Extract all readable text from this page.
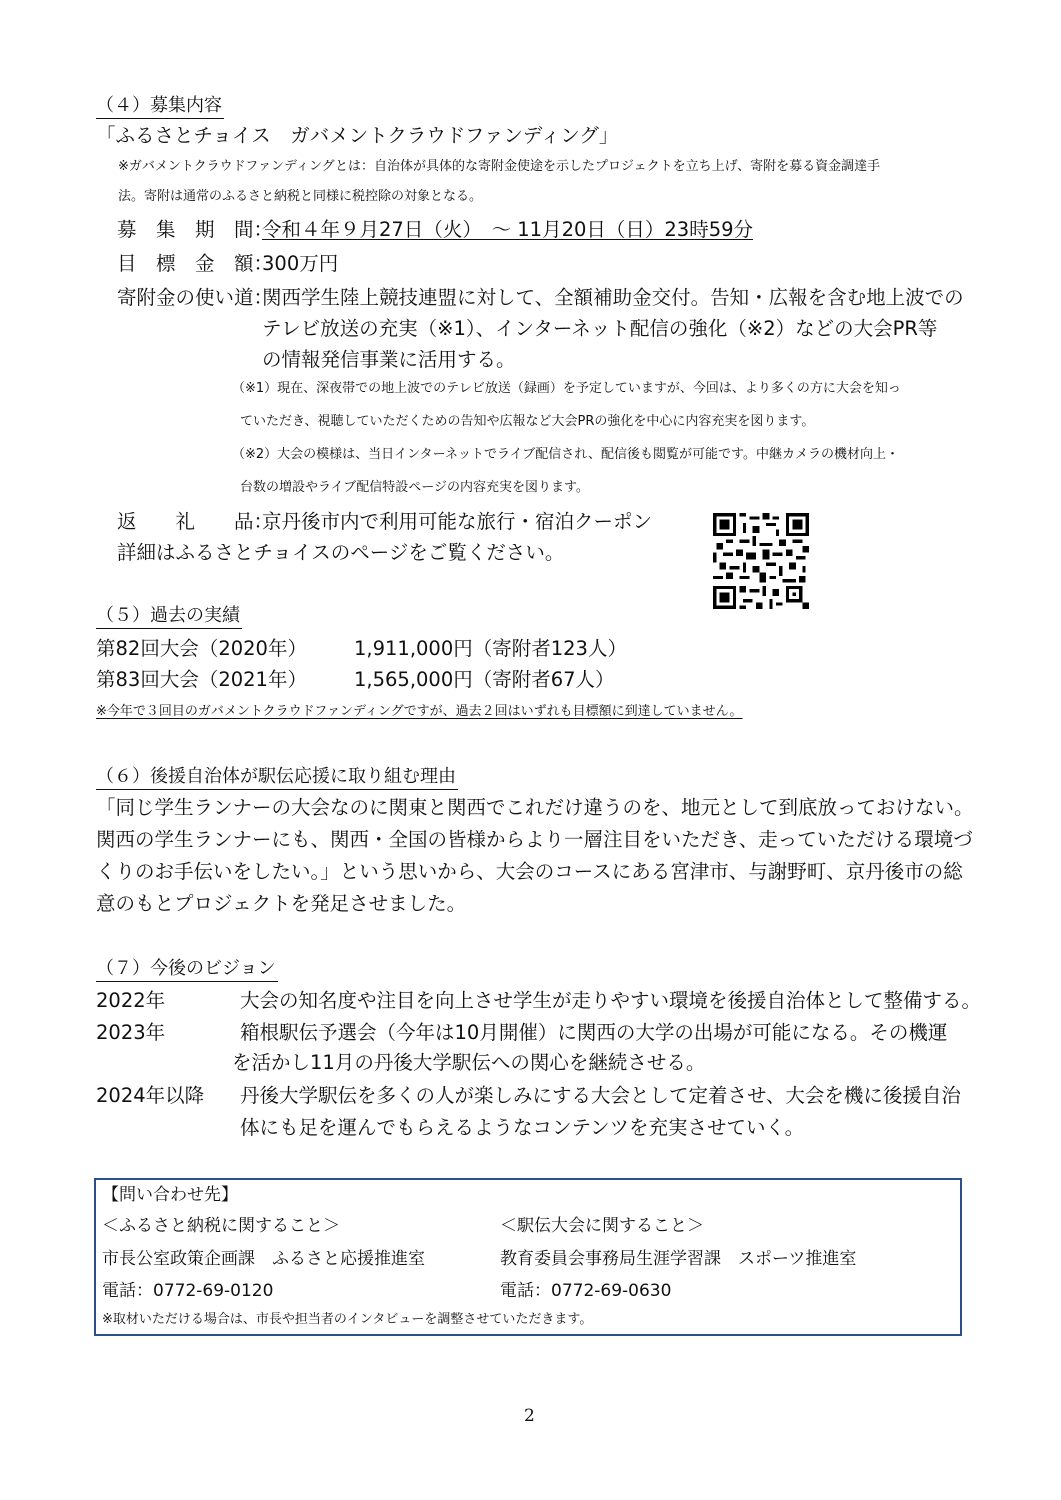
（４）募集内容
「ふるさとチョイス　ガバメントクラウドファンディング」
※ガバメントクラウドファンディングとは：自治体が具体的な寄附金使途を示したプロジェクトを立ち上げ、寄附を募る資金調達手
法。寄附は通常のふるさと納税と同様に税控除の対象となる。
募　集　期　間：
令和４年９月27日（火）　～ 11月20日（日）23時59分
目　標　金　額：
300万円
寄附金の使い道：
関西学生陸上競技連盟に対して、全額補助金交付。告知・広報を含む地上波での
テレビ放送の充実（※1）、インターネット配信の強化（※2）などの大会PR等
の情報発信事業に活用する。
（※1）現在、深夜帯での地上波でのテレビ放送（録画）を予定していますが、今回は、より多くの方に大会を知っ
ていただき、視聴していただくための告知や広報など大会PRの強化を中心に内容充実を図ります。
（※2）大会の模様は、当日インターネットでライブ配信され、配信後も閲覧が可能です。中継カメラの機材向上・
台数の増設やライブ配信特設ページの内容充実を図ります。
返　　礼　　品：
京丹後市内で利用可能な旅行・宿泊クーポン
詳細はふるさとチョイスのページをご覧ください。
（５）過去の実績
第82回大会（2020年） 1,911,000円（寄附者123人）
第83回大会（2021年） 1,565,000円（寄附者67人）
※今年で３回目のガバメントクラウドファンディングですが、過去２回はいずれも目標額に到達していません。
（６）後援自治体が駅伝応援に取り組む理由
「同じ学生ランナーの大会なのに関東と関西でこれだけ違うのを、地元として到底放っておけない。
関西の学生ランナーにも、関西・全国の皆様からより一層注目をいただき、走っていただける環境づ
くりのお手伝いをしたい。」という思いから、大会のコースにある宮津市、与謝野町、京丹後市の総
意のもとプロジェクトを発足させました。
（７）今後のビジョン
2022年	大会の知名度や注目を向上させ学生が走りやすい環境を後援自治体として整備する。
2023年	箱根駅伝予選会（今年は10月開催）に関西の大学の出場が可能になる。その機運
を活かし11月の丹後大学駅伝への関心を継続させる。
2024年以降 丹後大学駅伝を多くの人が楽しみにする大会として定着させ、大会を機に後援自治
体にも足を運んでもらえるようなコンテンツを充実させていく。
【問い合わせ先】
＜ふるさと納税に関すること＞
市長公室政策企画課　ふるさと応援推進室
電話：0772-69-0120
＜駅伝大会に関すること＞
教育委員会事務局生涯学習課　スポーツ推進室
電話：0772-69-0630
※取材いただける場合は、市長や担当者のインタビューを調整させていただきます。
2
